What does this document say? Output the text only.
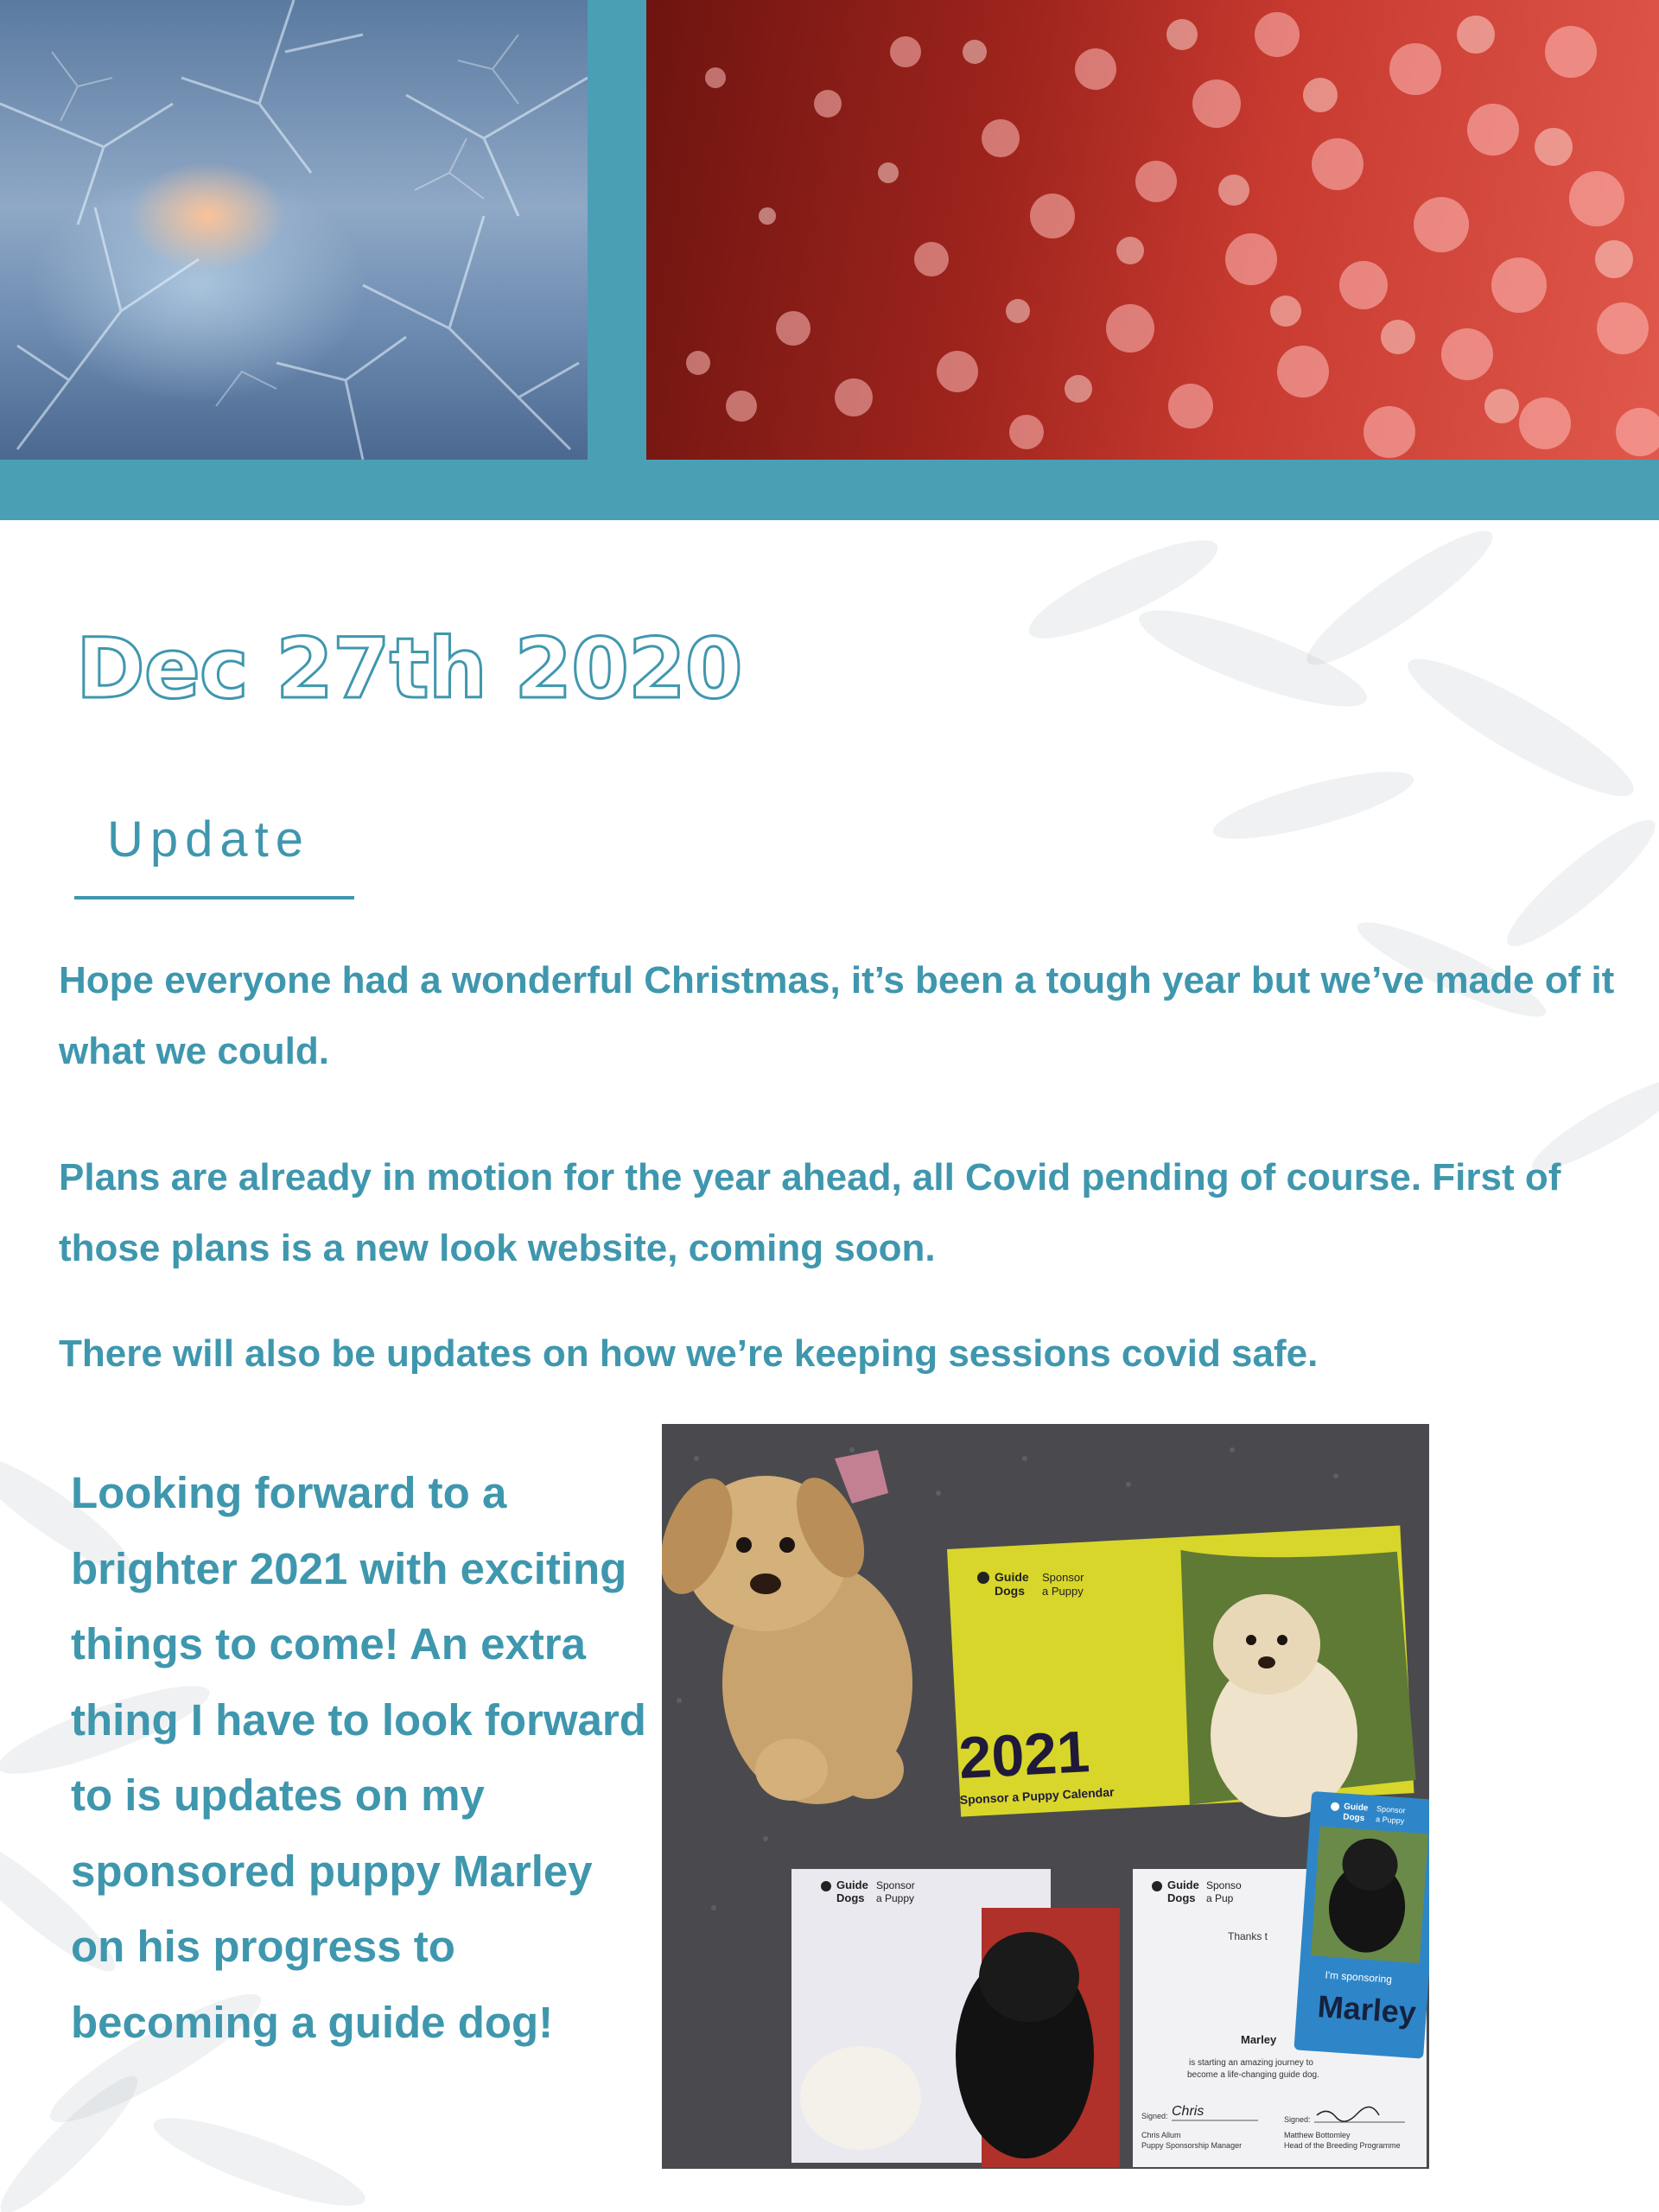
Dec 27th 2020
Update

Hope everyone had a wonderful Christmas, it’s been a tough year but we’ve made of it what we could.

Plans are already in motion for the year ahead, all Covid pending of course. First of those plans is a new look website, coming soon.

There will also be updates on how we’re keeping sessions covid safe.

Looking forward to a brighter 2021 with exciting things to come! An extra thing I have to look forward to is updates on my sponsored puppy Marley on his progress to becoming a guide dog!

Guide
Dogs
Sponsor
a Puppy
2021
Sponsor a Puppy Calendar
Guide
Dogs
Sponsor
a Puppy
Guide
Dogs
Sponso
a Pup
Thanks t
Marley
is starting an amazing journey to
become a life-changing guide dog.
Signed: Chris
Chris Allum
Puppy Sponsorship Manager
Signed:
Matthew Bottomley
Head of the Breeding Programme
Guide
Dogs
Sponsor
a Puppy
I'm sponsoring
Marley
